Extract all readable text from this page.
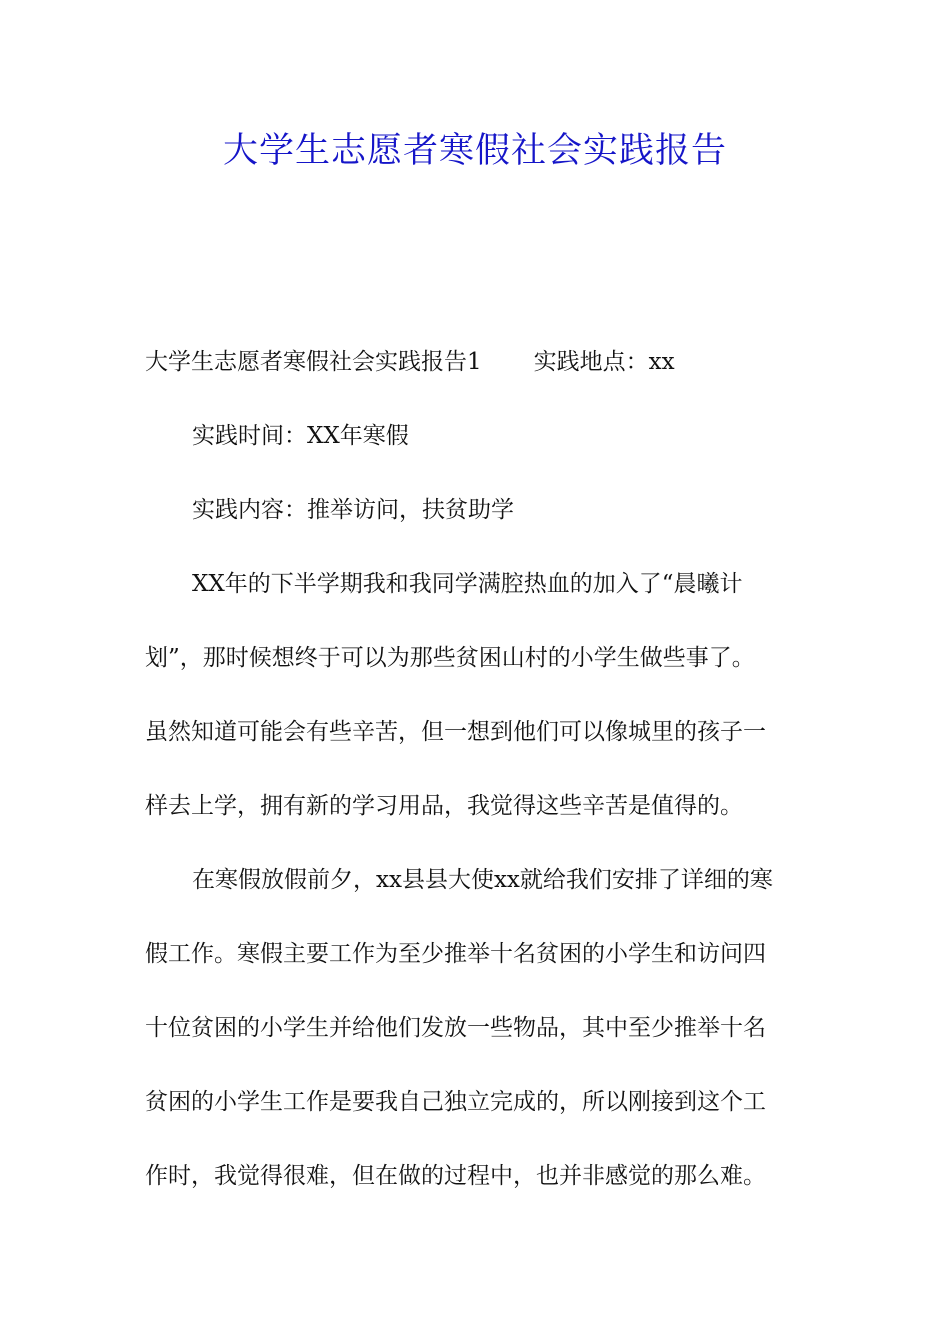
大学生志愿者寒假社会实践报告
大学生志愿者寒假社会实践报告1 实践地点：xx
实践时间：XX年寒假
实践内容：推举访问，扶贫助学
XX年的下半学期我和我同学满腔热血的加入了“晨曦计
划”，那时候想终于可以为那些贫困山村的小学生做些事了。
虽然知道可能会有些辛苦，但一想到他们可以像城里的孩子一
样去上学，拥有新的学习用品，我觉得这些辛苦是值得的。
在寒假放假前夕，xx县县大使xx就给我们安排了详细的寒
假工作。寒假主要工作为至少推举十名贫困的小学生和访问四
十位贫困的小学生并给他们发放一些物品，其中至少推举十名
贫困的小学生工作是要我自己独立完成的，所以刚接到这个工
作时，我觉得很难，但在做的过程中，也并非感觉的那么难。
